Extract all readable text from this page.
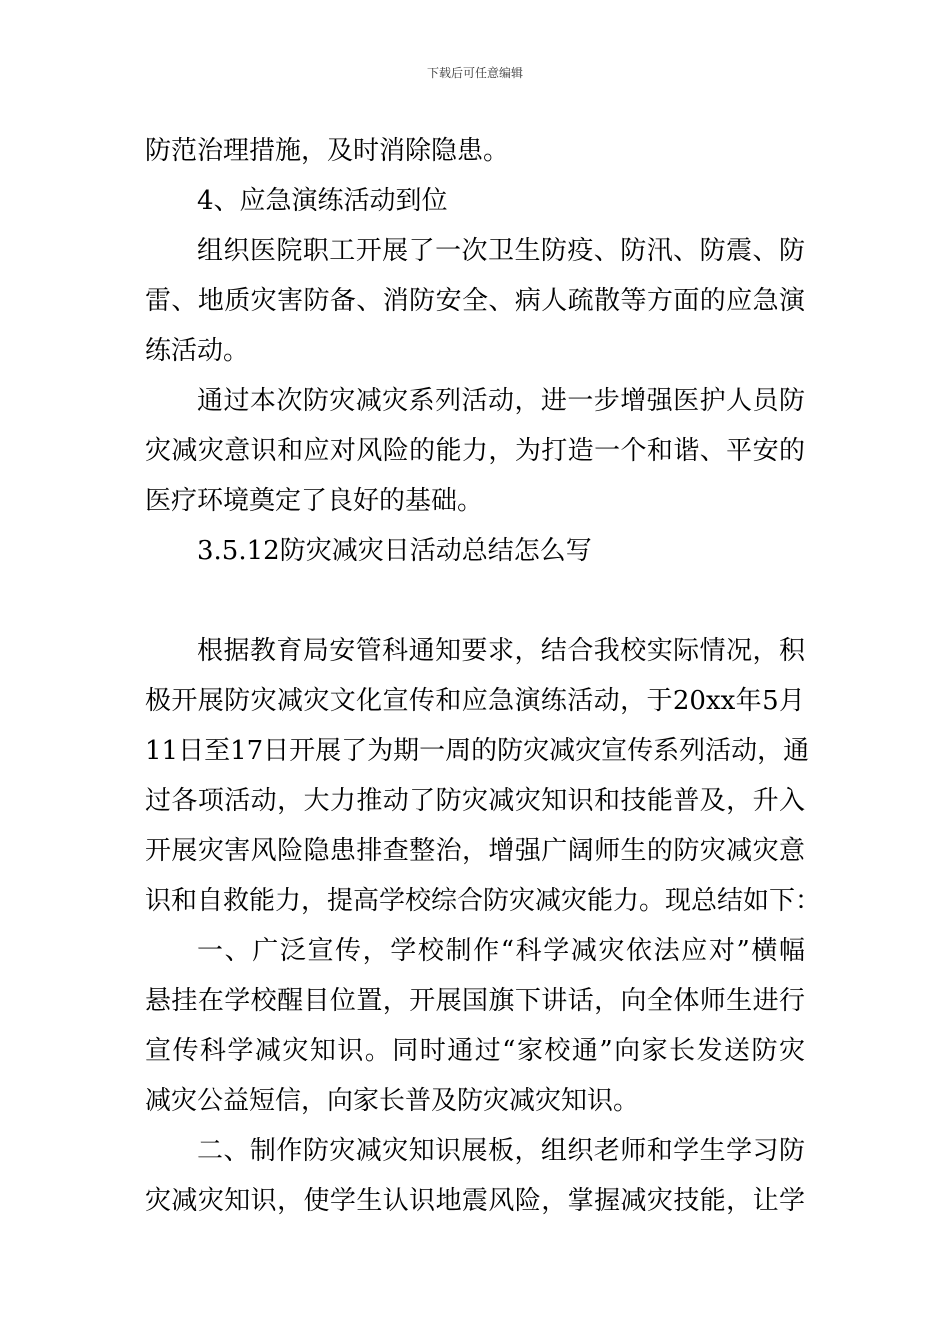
下载后可任意编辑
防范治理措施，及时消除隐患。
4、应急演练活动到位
组织医院职工开展了一次卫生防疫、防汛、防震、防
雷、地质灾害防备、消防安全、病人疏散等方面的应急演
练活动。
通过本次防灾减灾系列活动，进一步增强医护人员防
灾减灾意识和应对风险的能力，为打造一个和谐、平安的
医疗环境奠定了良好的基础。
3.5.12防灾减灾日活动总结怎么写
根据教育局安管科通知要求，结合我校实际情况，积
极开展防灾减灾文化宣传和应急演练活动，于20xx年5月
11日至17日开展了为期一周的防灾减灾宣传系列活动，通
过各项活动，大力推动了防灾减灾知识和技能普及，升入
开展灾害风险隐患排查整治，增强广阔师生的防灾减灾意
识和自救能力，提高学校综合防灾减灾能力。现总结如下：
一、广泛宣传，学校制作“科学减灾依法应对”横幅
悬挂在学校醒目位置，开展国旗下讲话，向全体师生进行
宣传科学减灾知识。同时通过“家校通”向家长发送防灾
减灾公益短信，向家长普及防灾减灾知识。
二、制作防灾减灾知识展板，组织老师和学生学习防
灾减灾知识，使学生认识地震风险，掌握减灾技能，让学
